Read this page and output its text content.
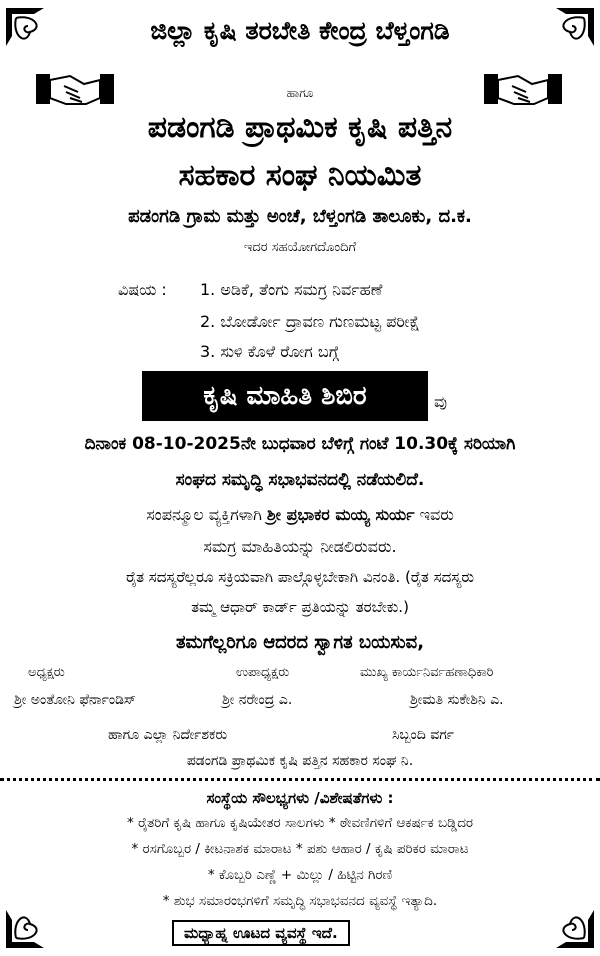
ಜಿಲ್ಲಾ ಕೃಷಿ ತರಬೇತಿ ಕೇಂದ್ರ ಬೆಳ್ತಂಗಡಿ
ಹಾಗೂ
ಪಡಂಗಡಿ ಪ್ರಾಥಮಿಕ ಕೃಷಿ ಪತ್ತಿನ
ಸಹಕಾರ ಸಂಘ ನಿಯಮಿತ
ಪಡಂಗಡಿ ಗ್ರಾಮ ಮತ್ತು ಅಂಚೆ, ಬೆಳ್ತಂಗಡಿ ತಾಲೂಕು, ದ.ಕ.
ಇದರ ಸಹಯೋಗದೊಂದಿಗೆ
ವಿಷಯ : 1. ಅಡಿಕೆ, ತೆಂಗು ಸಮಗ್ರ ನಿರ್ವಹಣೆ
2. ಬೋರ್ಡೋ ದ್ರಾವಣ ಗುಣಮಟ್ಟ ಪರೀಕ್ಷೆ
3. ಸುಳಿ ಕೊಳೆ ರೋಗ ಬಗ್ಗೆ
ಕೃಷಿ ಮಾಹಿತಿ ಶಿಬಿರ	ವು
ದಿನಾಂಕ 08-10-2025ನೇ ಬುಧವಾರ ಬೆಳಿಗ್ಗೆ ಗಂಟೆ 10.30ಕ್ಕೆ ಸರಿಯಾಗಿ
ಸಂಘದ ಸಮೃದ್ಧಿ ಸಭಾಭವನದಲ್ಲಿ ನಡೆಯಲಿದೆ.
ಸಂಪನ್ಮೂಲ ವ್ಯಕ್ತಿಗಳಾಗಿ ಶ್ರೀ ಪ್ರಭಾಕರ ಮಯ್ಯ ಸುರ್ಯ ಇವರು
ಸಮಗ್ರ ಮಾಹಿತಿಯನ್ನು ನೀಡಲಿರುವರು.
ರೈತ ಸದಸ್ಯರೆಲ್ಲರೂ ಸಕ್ರಿಯವಾಗಿ ಪಾಲ್ಗೊಳ್ಳಬೇಕಾಗಿ ವಿನಂತಿ. (ರೈತ ಸದಸ್ಯರು
ತಮ್ಮ ಆಧಾರ್ ಕಾರ್ಡ್ ಪ್ರತಿಯನ್ನು ತರಬೇಕು.)
ತಮಗೆಲ್ಲರಿಗೂ ಆದರದ ಸ್ವಾಗತ ಬಯಸುವ,
ಅಧ್ಯಕ್ಷರು
ಶ್ರೀ ಅಂತೋನಿ ಫೆರ್ನಾಂಡಿಸ್
ಉಪಾಧ್ಯಕ್ಷರು
ಶ್ರೀ ನರೇಂದ್ರ ಎ.
ಮುಖ್ಯ ಕಾರ್ಯನಿರ್ವಹಣಾಧಿಕಾರಿ
ಶ್ರೀಮತಿ ಸುಕೇಶಿನಿ ಎ.
ಹಾಗೂ ಎಲ್ಲಾ ನಿರ್ದೇಶಕರು	ಸಿಬ್ಬಂದಿ ವರ್ಗ
ಪಡಂಗಡಿ ಪ್ರಾಥಮಿಕ ಕೃಷಿ ಪತ್ತಿನ ಸಹಕಾರ ಸಂಘ ನಿ.
ಸಂಸ್ಥೆಯ ಸೌಲಭ್ಯಗಳು /ವಿಶೇಷತೆಗಳು :
* ರೈತರಿಗೆ ಕೃಷಿ ಹಾಗೂ ಕೃಷಿಯೇತರ ಸಾಲಗಳು * ಠೇವಣಿಗಳಿಗೆ ಆಕರ್ಷಕ ಬಡ್ಡಿದರ
* ರಸಗೊಬ್ಬರ / ಕೀಟನಾಶಕ ಮಾರಾಟ * ಪಶು ಆಹಾರ / ಕೃಷಿ ಪರಿಕರ ಮಾರಾಟ
* ಕೊಬ್ಬರಿ ಎಣ್ಣೆ + ಮಿಲ್ಲು / ಹಿಟ್ಟಿನ ಗಿರಣಿ
* ಶುಭ ಸಮಾರಂಭಗಳಿಗೆ ಸಮೃದ್ಧಿ ಸಭಾಭವನದ ವ್ಯವಸ್ಥೆ ಇತ್ಯಾದಿ.
ಮಧ್ಯಾಹ್ನ ಊಟದ ವ್ಯವಸ್ಥೆ ಇದೆ.
